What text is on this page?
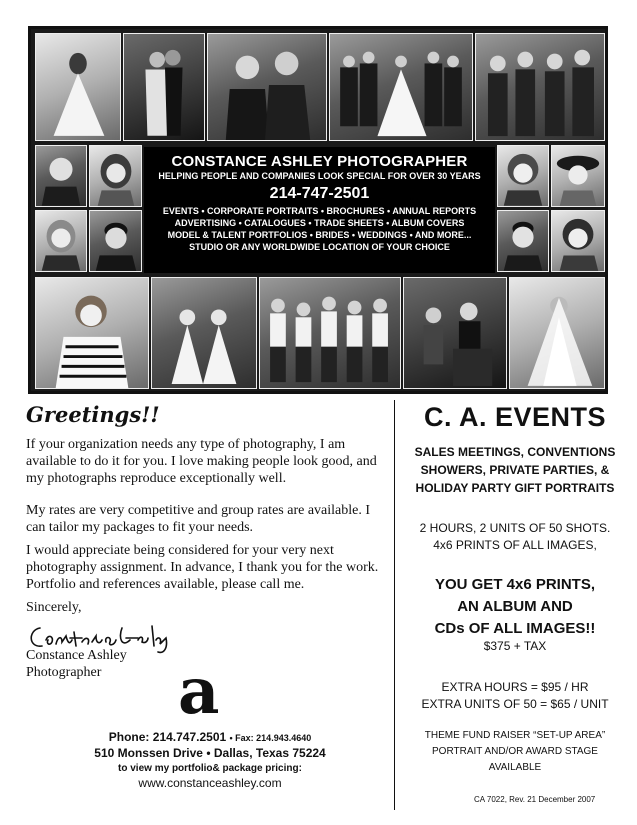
CONSTANCE ASHLEY PHOTOGRAPHER
HELPING PEOPLE AND COMPANIES LOOK SPECIAL FOR OVER 30 YEARS
214-747-2501
EVENTS • CORPORATE PORTRAITS • BROCHURES • ANNUAL REPORTS
ADVERTISING • CATALOGUES • TRADE SHEETS • ALBUM COVERS
MODEL & TALENT PORTFOLIOS • BRIDES • WEDDINGS • AND MORE...
STUDIO OR ANY WORLDWIDE LOCATION OF YOUR CHOICE
Greetings!!

If your organization needs any type of photography, I am available to do it for you. I love making people look good, and my photographs reproduce exceptionally well.

My rates are very competitive and group rates are available. I can tailor my packages to fit your needs.

I would appreciate being considered for your very next photography assignment. In advance, I thank you for the work. Portfolio and references available, please call me.

Sincerely,
Constance Ashley
Photographer a
Phone: 214.747.2501 • Fax: 214.943.4640
510 Monssen Drive • Dallas, Texas 75224
to view my portfolio& package pricing:
www.constanceashley.com
C. A. EVENTS
SALES MEETINGS, CONVENTIONS
SHOWERS, PRIVATE PARTIES, &
HOLIDAY PARTY GIFT PORTRAITS
2 HOURS, 2 UNITS OF 50 SHOTS.
4x6 PRINTS OF ALL IMAGES,
YOU GET 4x6 PRINTS,
AN ALBUM AND
CDs OF ALL IMAGES!!
$375 + TAX
EXTRA HOURS = $95 / HR
EXTRA UNITS OF 50 = $65 / UNIT
THEME FUND RAISER “SET-UP AREA”
PORTRAIT AND/OR AWARD STAGE
AVAILABLE
CA 7022, Rev. 21 December 2007
